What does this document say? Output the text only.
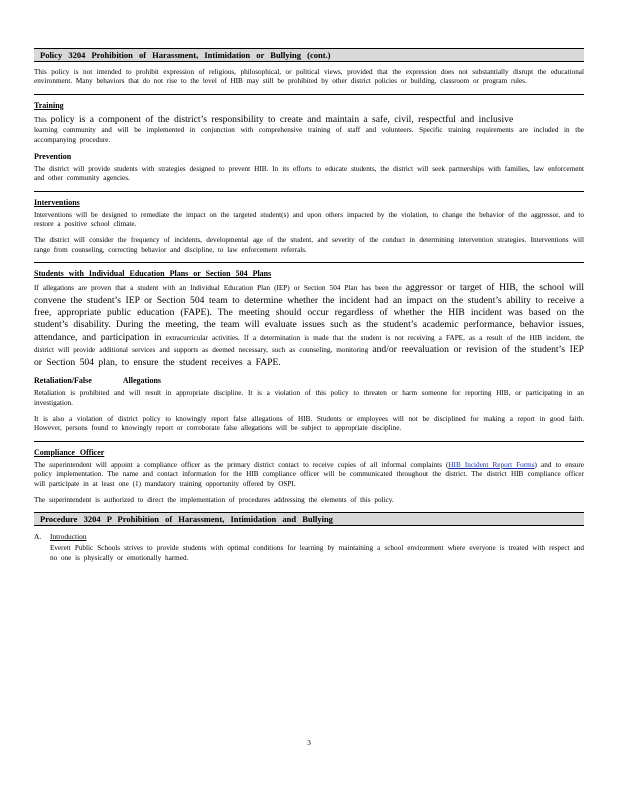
Policy 3204 Prohibition of Harassment, Intimidation or Bullying (cont.)

This policy is not intended to prohibit expression of religious, philosophical, or political views, provided that the expression does not substantially disrupt the educational environment. Many behaviors that do not rise to the level of HIB may still be prohibited by other district policies or building, classroom or program rules.

Training

This policy is a component of the district’s responsibility to create and maintain a safe, civil, respectful and inclusive
learning community and will be implemented in conjunction with comprehensive training of staff and volunteers. Specific training requirements are included in the accompanying procedure.

Prevention

The district will provide students with strategies designed to prevent HIB. In its efforts to educate students, the district will seek partnerships with families, law enforcement and other community agencies.

Interventions

Interventions will be designed to remediate the impact on the targeted student(s) and upon others impacted by the violation, to change the behavior of the aggressor, and to restore a positive school climate.

The district will consider the frequency of incidents, developmental age of the student, and severity of the conduct in determining intervention strategies. Interventions will range from counseling, correcting behavior and discipline, to law enforcement referrals.

Students with Individual Education Plans or Section 504 Plans

If allegations are proven that a student with an Individual Education Plan (IEP) or Section 504 Plan has been the aggressor or target of HIB, the school will convene the student’s IEP or Section 504 team to determine whether the incident had an impact on the student’s ability to receive a free, appropriate public education (FAPE). The meeting should occur regardless of whether the HIB incident was based on the student’s disability. During the meeting, the team will evaluate issues such as the student’s academic performance, behavior issues, attendance, and participation in extracurricular activities. If a determination is made that the student is not receiving a FAPE, as a result of the HIB incident, the district will provide additional services and supports as deemed necessary, such as counseling, monitoring and/or reevaluation or revision of the student’s IEP or Section 504 plan, to ensure the student receives a FAPE.

Retaliation/False	Allegations

Retaliation is prohibited and will result in appropriate discipline. It is a violation of this policy to threaten or harm someone for reporting HIB, or participating in an investigation.

It is also a violation of district policy to knowingly report false allegations of HIB. Students or employees will not be disciplined for making a report in good faith. However, persons found to knowingly report or corroborate false allegations will be subject to appropriate discipline.

Compliance Officer

The superintendent will appoint a compliance officer as the primary district contact to receive copies of all informal complaints (HIB Incident Report Forms) and to ensure policy implementation. The name and contact information for the HIB compliance officer will be communicated throughout the district. The district HIB compliance officer will participate in at least one (1) mandatory training opportunity offered by OSPI.

The superintendent is authorized to direct the implementation of procedures addressing the elements of this policy.

Procedure 3204 P Prohibition of Harassment, Intimidation and Bullying
A.	Introduction

Everett Public Schools strives to provide students with optimal conditions for learning by maintaining a school environment where everyone is treated with respect and no one is physically or emotionally harmed.

3
